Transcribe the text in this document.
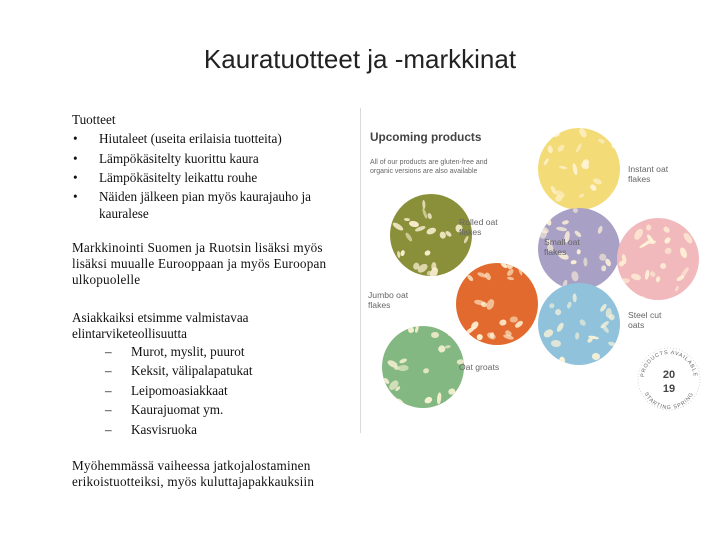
Kauratuotteet ja -markkinat
Tuotteet
• Hiutaleet (useita erilaisia tuotteita)
• Lämpökäsitelty kuorittu kaura
• Lämpökäsitelty leikattu rouhe
• Näiden jälkeen pian myös kaurajauho ja kauralese
Markkinointi Suomen ja Ruotsin lisäksi myös lisäksi muualle Eurooppaan ja myös Euroopan ulkopuolelle
Asiakkaiksi etsimme valmistavaa elintarviketeollisuutta
– Murot, myslit, puurot
– Keksit, välipalapatukat
– Leipomoasiakkaat
– Kaurajuomat ym.
– Kasvisruoka
Myöhemmässä vaiheessa jatkojalostaminen erikoistuotteiksi, myös kuluttajapakkauksiin
Upcoming products
All of our products are gluten-free and organic versions are also available	Instant oat flakes
Rolled oat flakes
Small oat flakes
Jumbo oat flakes
Steel cut oats
Oat groats
PRODUCTS AVAILABLE
STARTING SPRING
20
19
